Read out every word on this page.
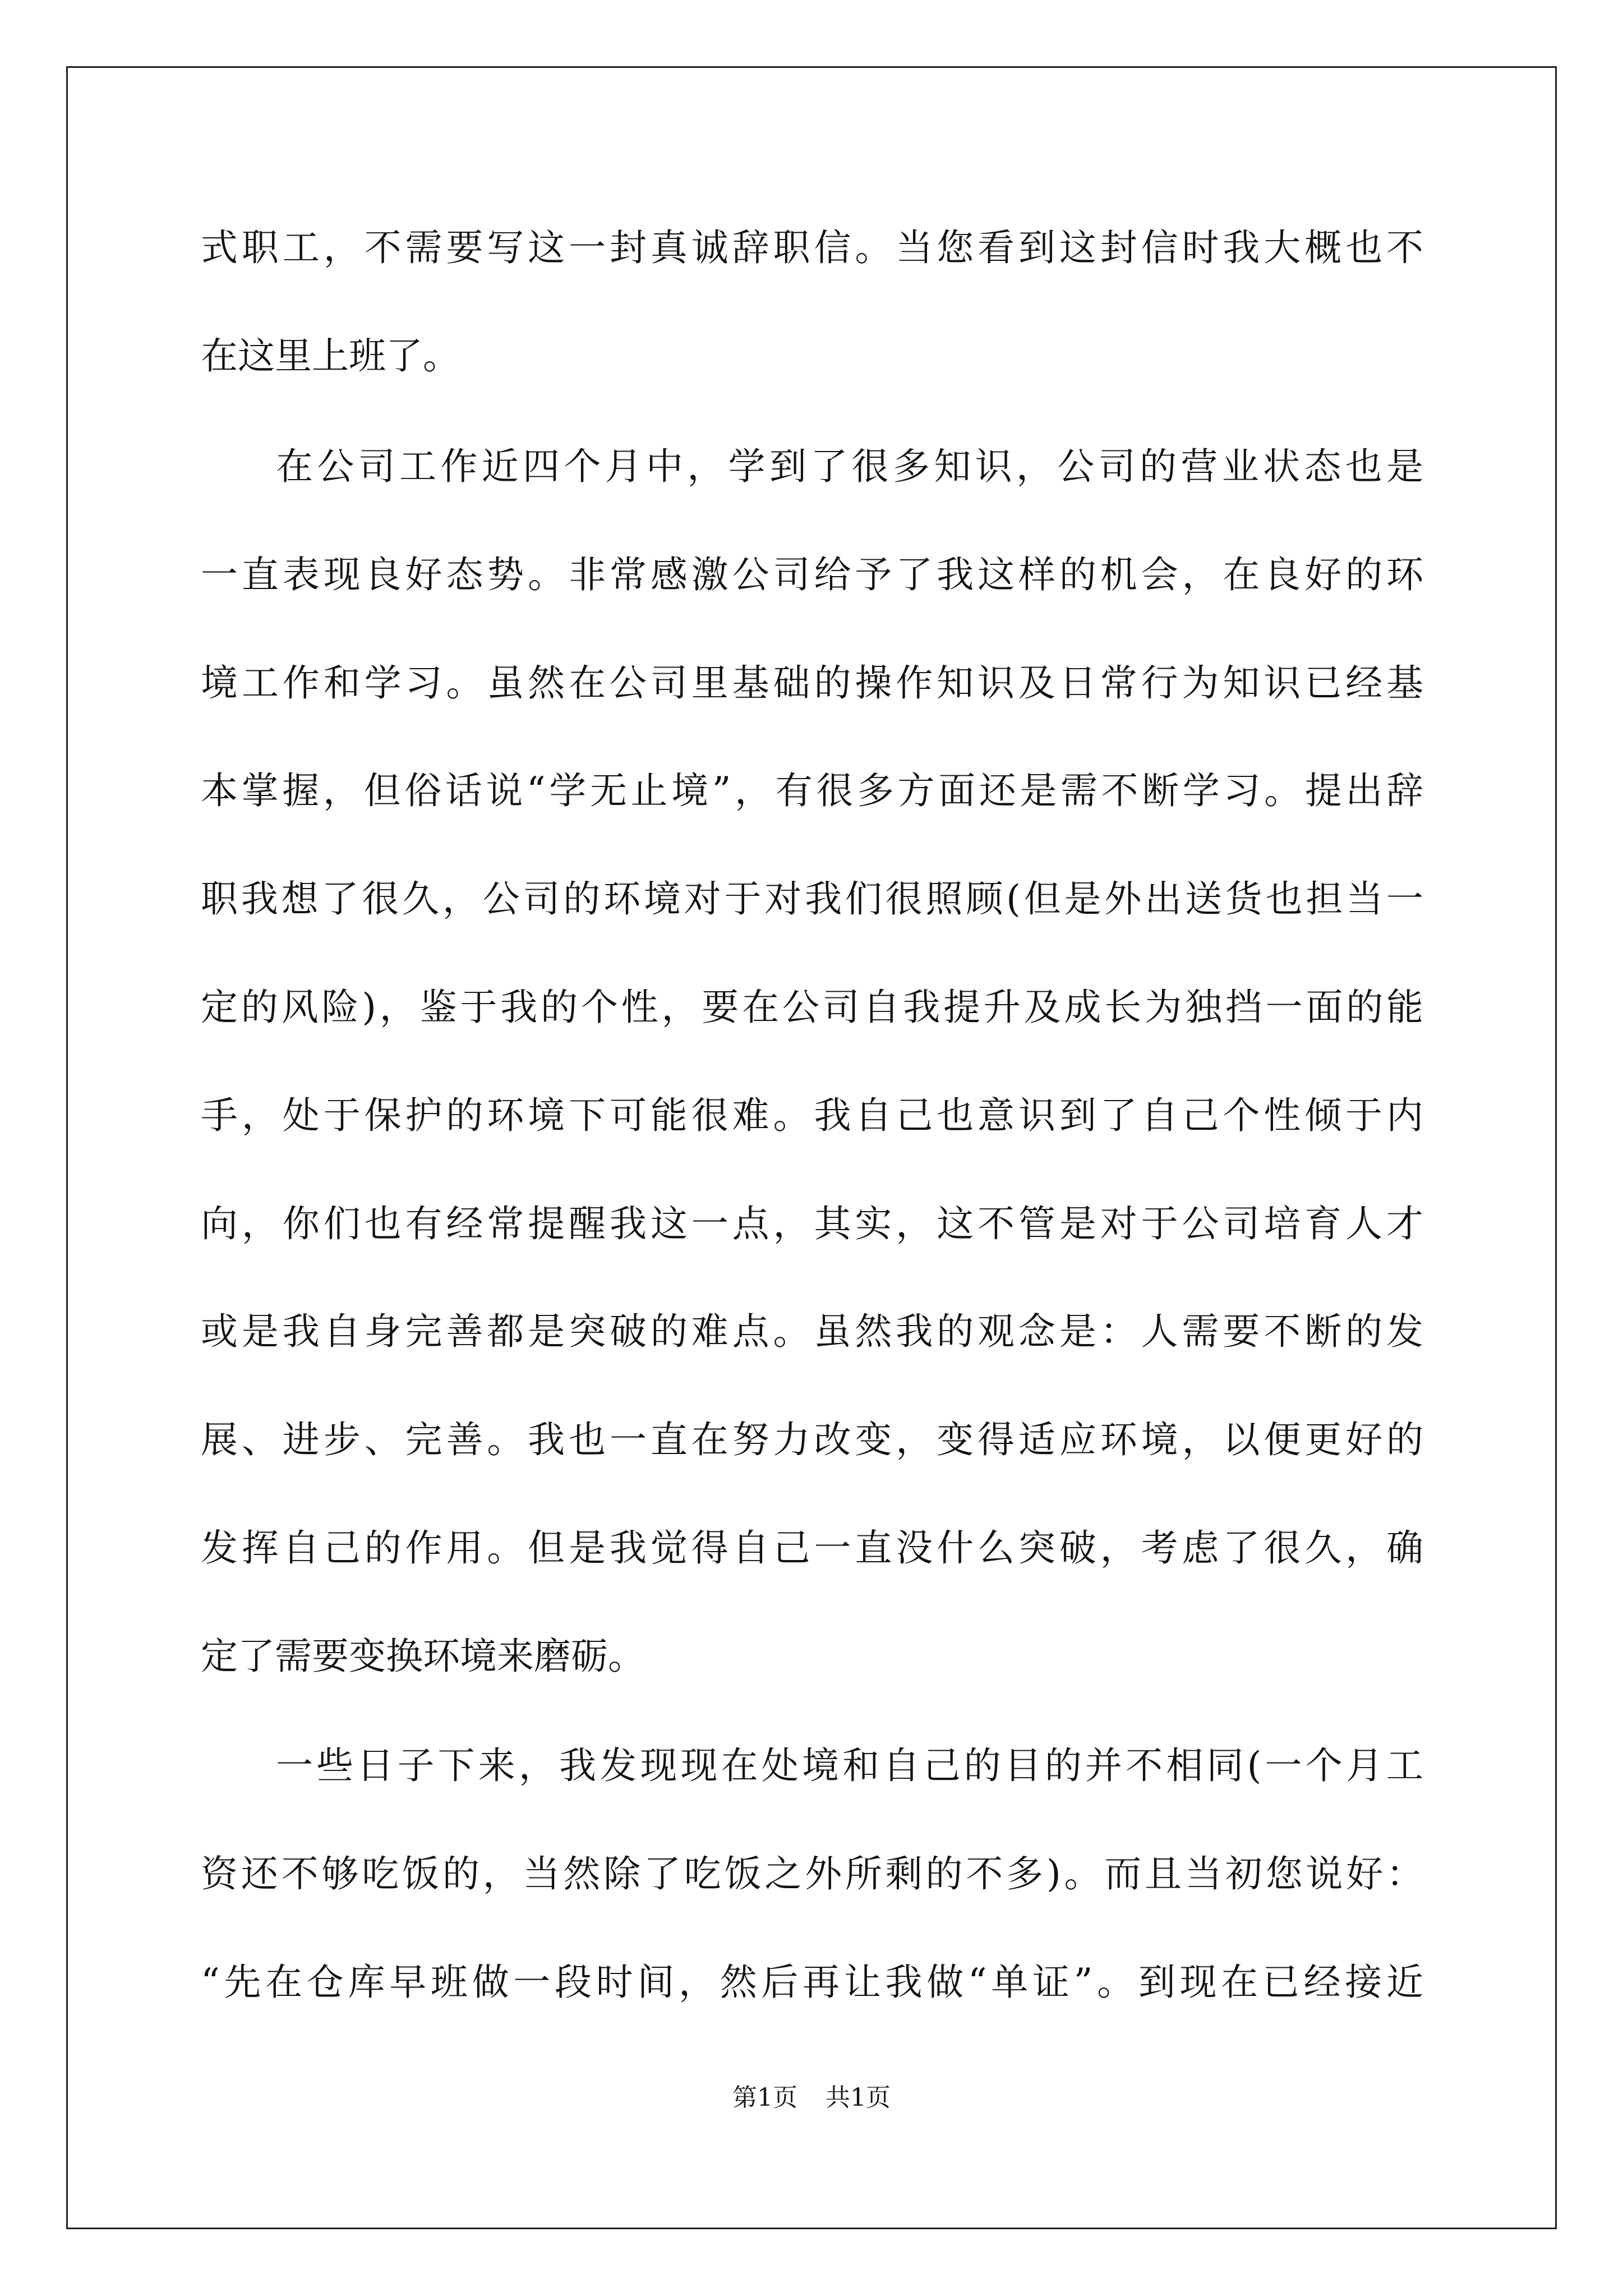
式职工，不需要写这一封真诚辞职信。当您看到这封信时我大概也不
在这里上班了。
在公司工作近四个月中，学到了很多知识，公司的营业状态也是
一直表现良好态势。非常感激公司给予了我这样的机会，在良好的环
境工作和学习。虽然在公司里基础的操作知识及日常行为知识已经基
本掌握，但俗话说“学无止境”，有很多方面还是需不断学习。提出辞
职我想了很久，公司的环境对于对我们很照顾(但是外出送货也担当一
定的风险)，鉴于我的个性，要在公司自我提升及成长为独挡一面的能
手，处于保护的环境下可能很难。我自己也意识到了自己个性倾于内
向，你们也有经常提醒我这一点，其实，这不管是对于公司培育人才
或是我自身完善都是突破的难点。虽然我的观念是：人需要不断的发
展、进步、完善。我也一直在努力改变，变得适应环境，以便更好的
发挥自己的作用。但是我觉得自己一直没什么突破，考虑了很久，确
定了需要变换环境来磨砺。
一些日子下来，我发现现在处境和自己的目的并不相同(一个月工
资还不够吃饭的，当然除了吃饭之外所剩的不多)。而且当初您说好：
“先在仓库早班做一段时间，然后再让我做“单证”。到现在已经接近
第1页 共1页
